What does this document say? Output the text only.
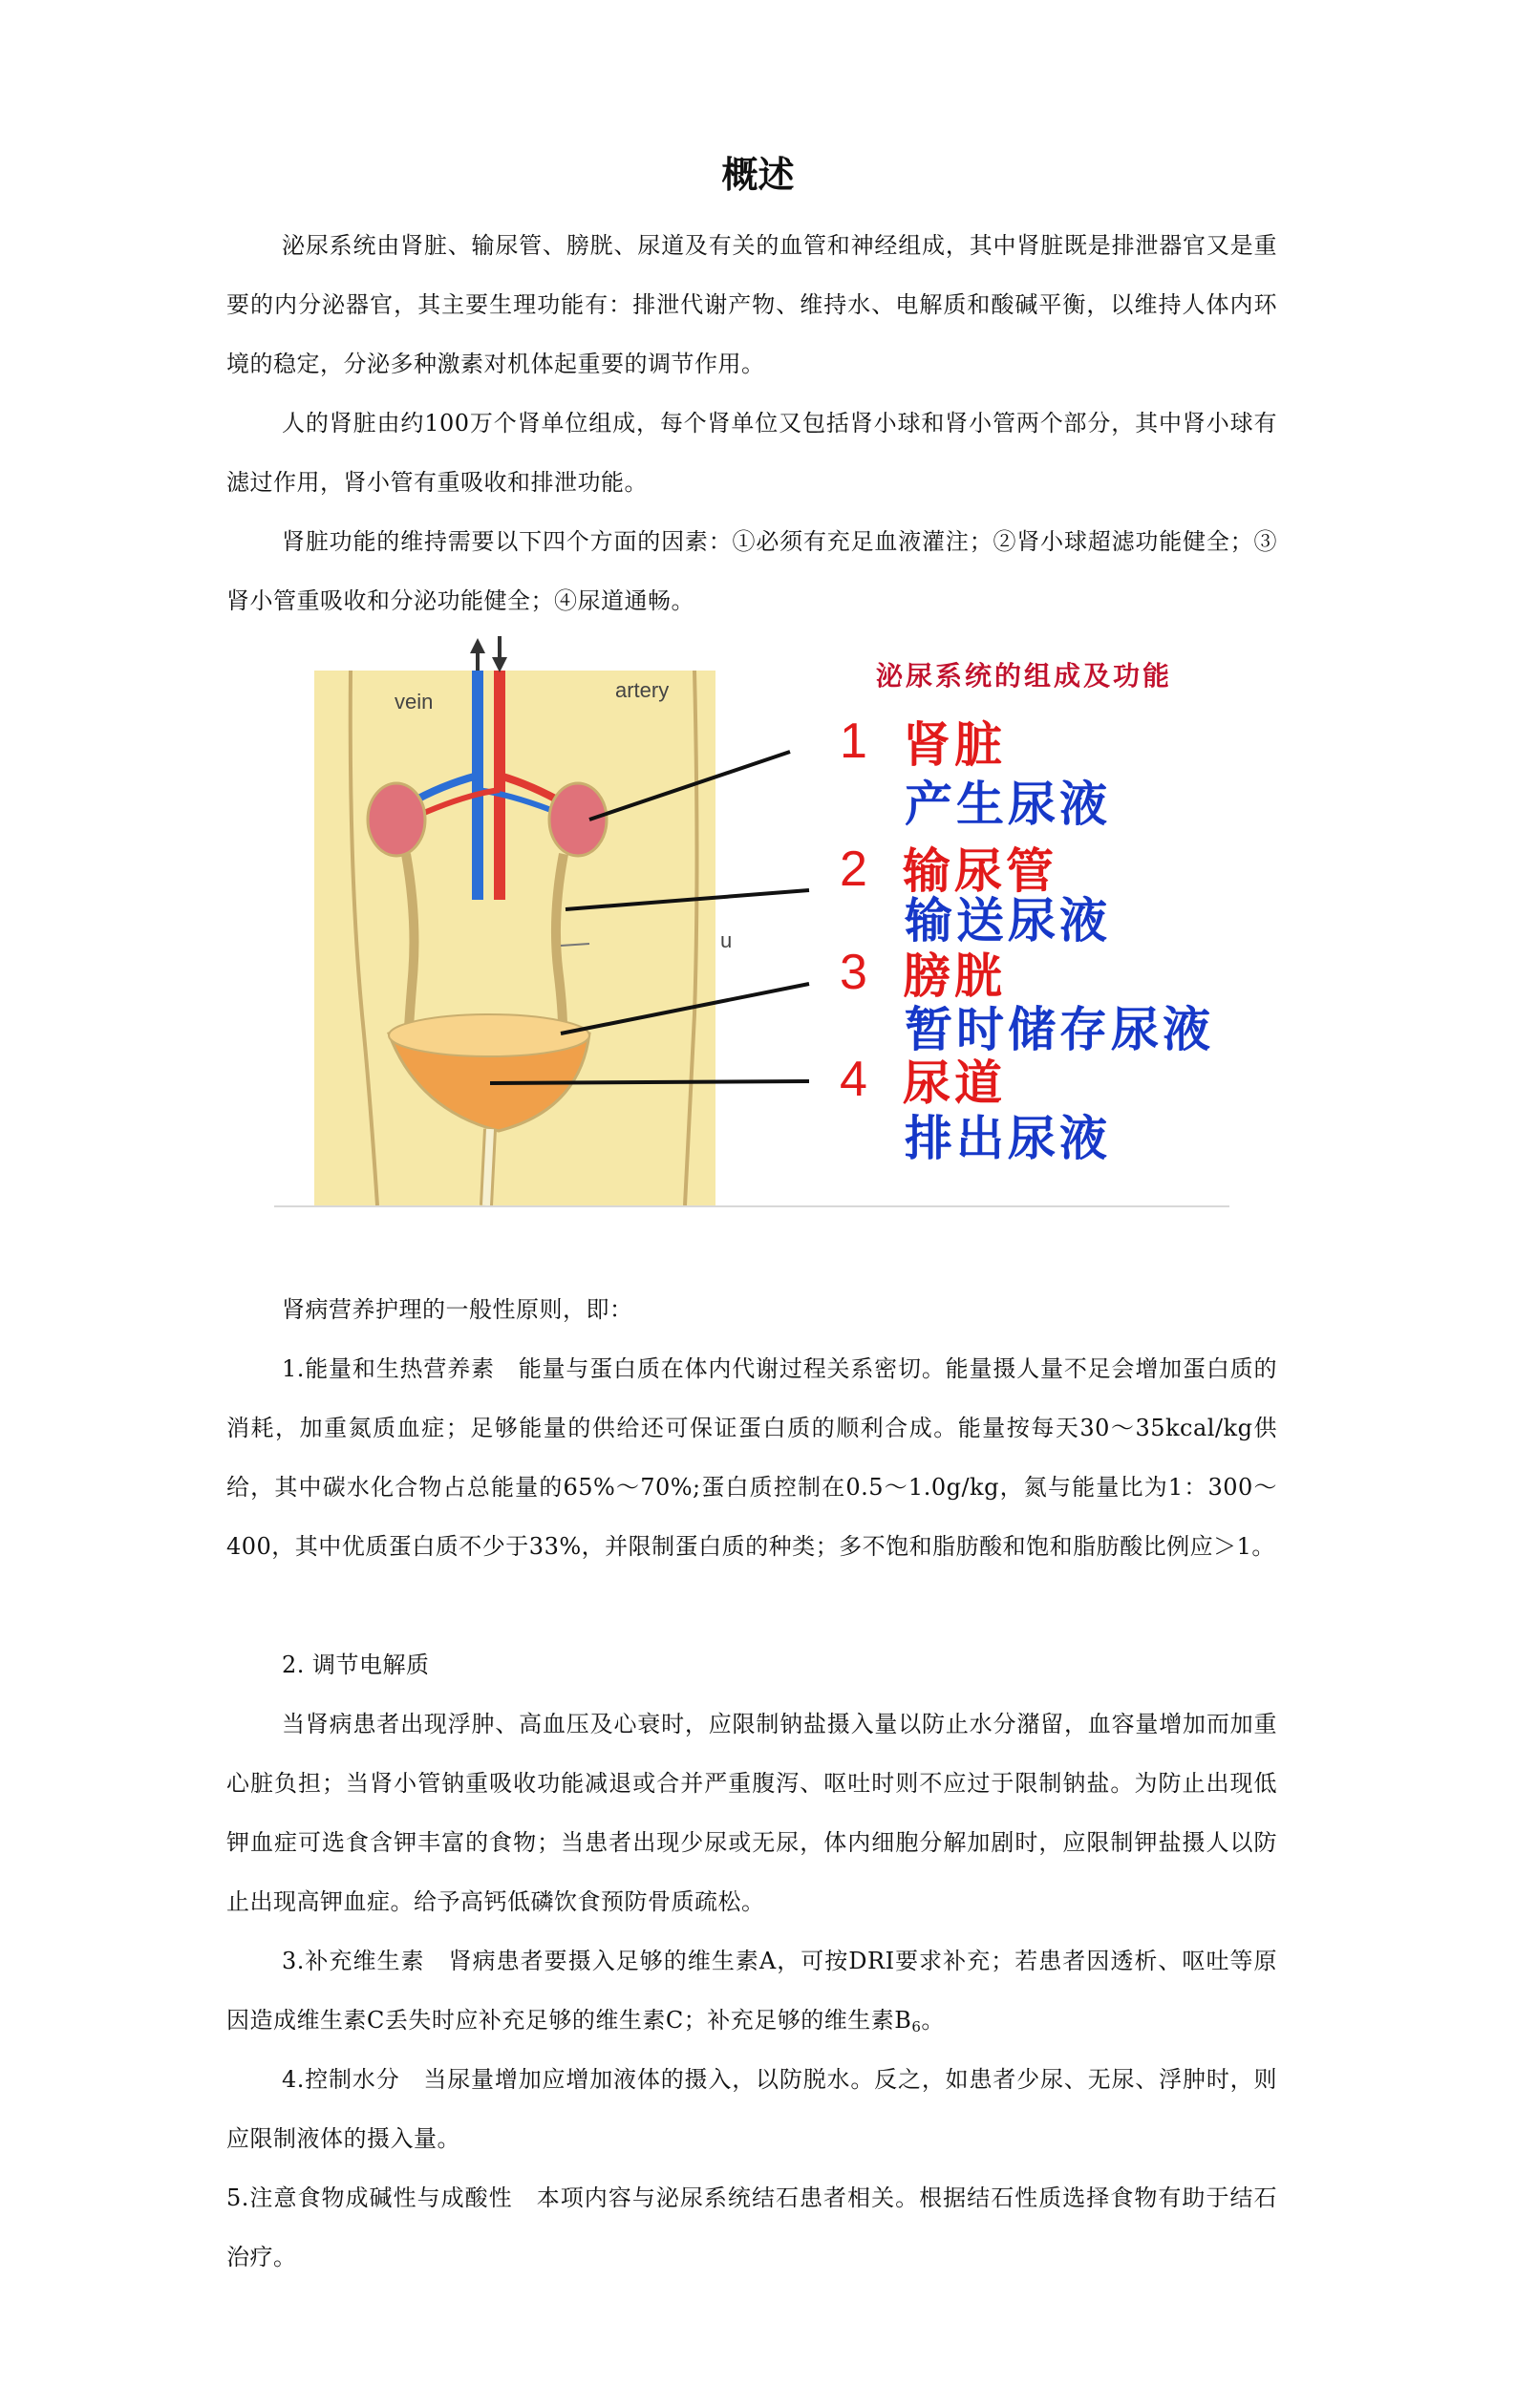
概述

泌尿系统由肾脏、输尿管、膀胱、尿道及有关的血管和神经组成，其中肾脏既是排泄器官又是重要的内分泌器官，其主要生理功能有：排泄代谢产物、维持水、电解质和酸碱平衡，以维持人体内环境的稳定，分泌多种激素对机体起重要的调节作用。

人的肾脏由约100万个肾单位组成，每个肾单位又包括肾小球和肾小管两个部分，其中肾小球有滤过作用，肾小管有重吸收和排泄功能。

肾脏功能的维持需要以下四个方面的因素：①必须有充足血液灌注；②肾小球超滤功能健全；③肾小管重吸收和分泌功能健全；④尿道通畅。

vein	artery
u
泌尿系统的组成及功能
1 肾脏
产生尿液
2 输尿管
输送尿液
3 膀胱
暂时储存尿液
4 尿道
排出尿液

肾病营养护理的一般性原则，即：

1.能量和生热营养素　能量与蛋白质在体内代谢过程关系密切。能量摄人量不足会增加蛋白质的消耗，加重氮质血症；足够能量的供给还可保证蛋白质的顺利合成。能量按每天30～35kcal/kg供给，其中碳水化合物占总能量的65%～70%;蛋白质控制在0.5～1.0g/kg，氮与能量比为1：300～400，其中优质蛋白质不少于33%，并限制蛋白质的种类；多不饱和脂肪酸和饱和脂肪酸比例应＞1。

2. 调节电解质

当肾病患者出现浮肿、高血压及心衰时，应限制钠盐摄入量以防止水分潴留，血容量增加而加重心脏负担；当肾小管钠重吸收功能减退或合并严重腹泻、呕吐时则不应过于限制钠盐。为防止出现低钾血症可选食含钾丰富的食物；当患者出现少尿或无尿，体内细胞分解加剧时，应限制钾盐摄人以防止出现高钾血症。给予高钙低磷饮食预防骨质疏松。

3.补充维生素　肾病患者要摄入足够的维生素A，可按DRI要求补充；若患者因透析、呕吐等原因造成维生素C丢失时应补充足够的维生素C；补充足够的维生素$B_6$。

4.控制水分　当尿量增加应增加液体的摄入，以防脱水。反之，如患者少尿、无尿、浮肿时，则应限制液体的摄入量。

5.注意食物成碱性与成酸性　本项内容与泌尿系统结石患者相关。根据结石性质选择食物有助于结石治疗。
